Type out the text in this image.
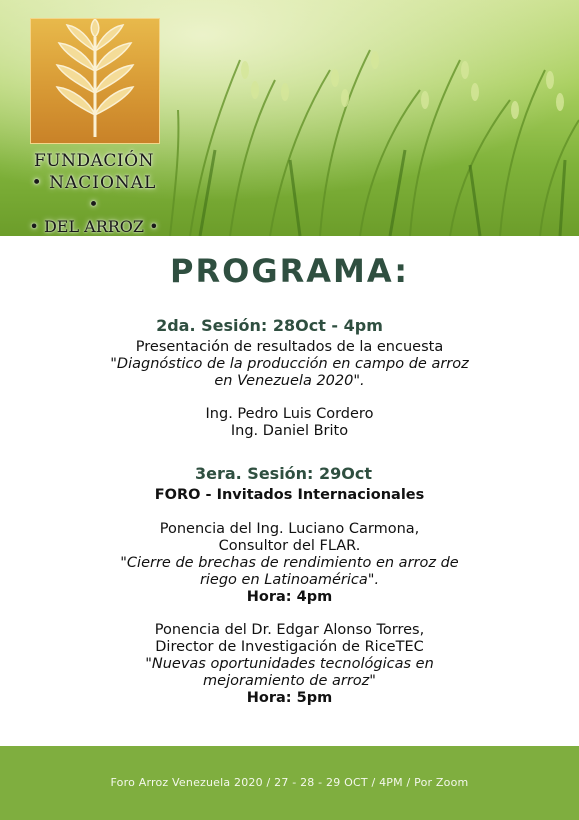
FUNDACIÓN
• NACIONAL •
• DEL ARROZ •
PROGRAMA:
2da. Sesión: 28Oct - 4pm
Presentación de resultados de la encuesta
"Diagnóstico de la producción en campo de arroz
en Venezuela 2020".
Ing. Pedro Luis Cordero
Ing. Daniel Brito
3era. Sesión: 29Oct
FORO - Invitados Internacionales
Ponencia del Ing. Luciano Carmona,
Consultor del FLAR.
"Cierre de brechas de rendimiento en arroz de
riego en Latinoamérica".
Hora: 4pm
Ponencia del Dr. Edgar Alonso Torres,
Director de Investigación de RiceTEC
"Nuevas oportunidades tecnológicas en
mejoramiento de arroz"
Hora: 5pm
Foro Arroz Venezuela 2020 / 27 - 28 - 29 OCT / 4PM / Por Zoom
